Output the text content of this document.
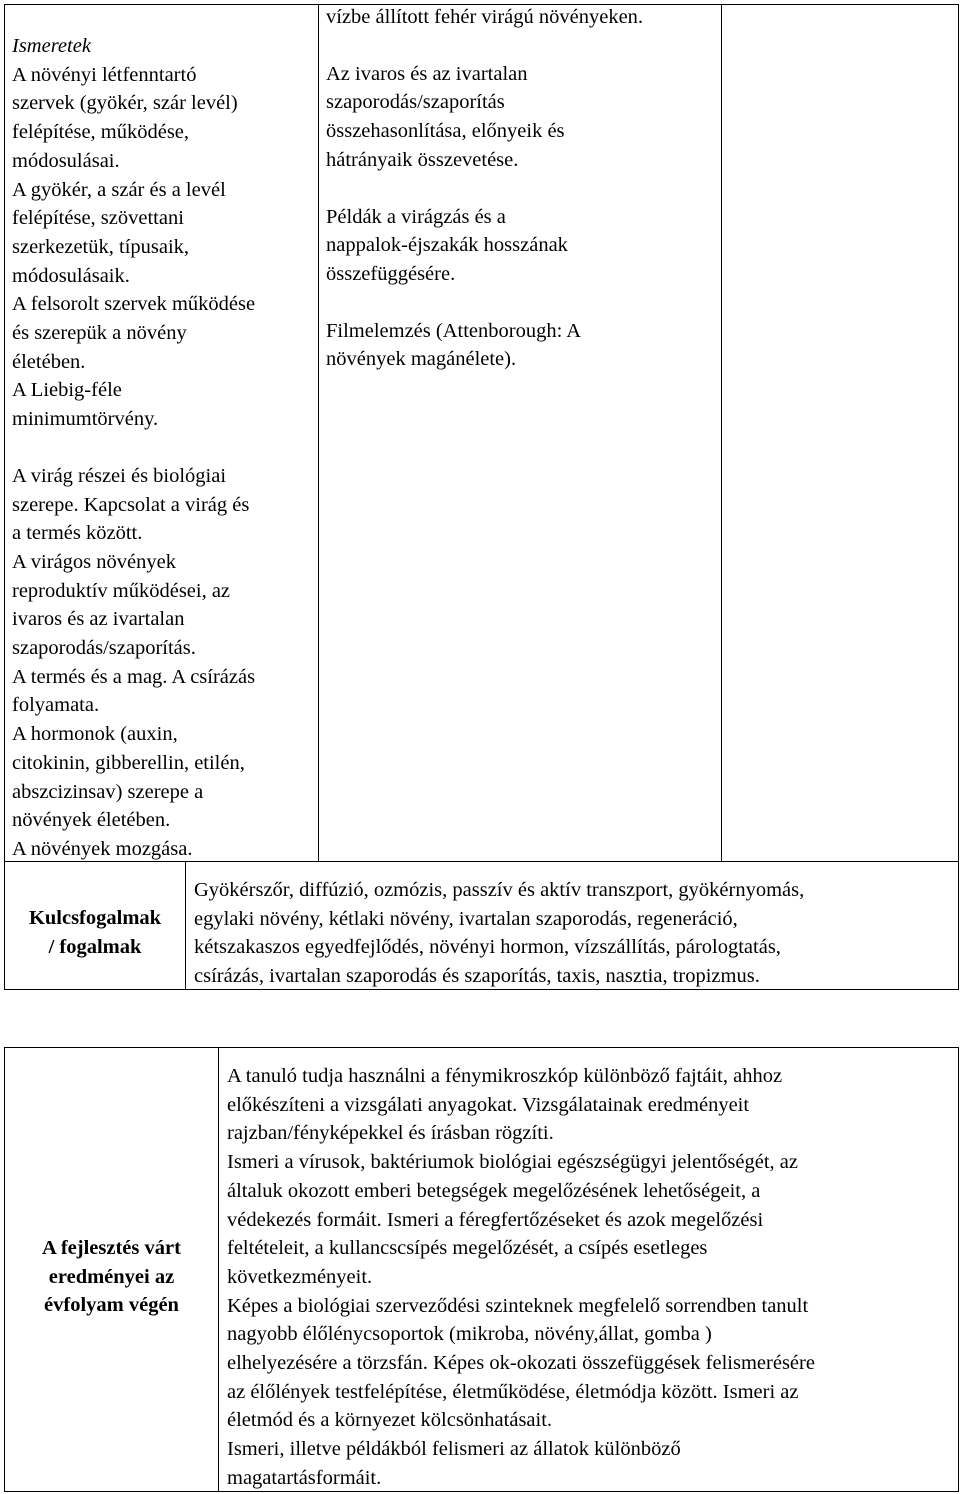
Ismeretek
A növényi létfenntartó
szervek (gyökér, szár levél)
felépítése, működése,
módosulásai.
A gyökér, a szár és a levél
felépítése, szövettani
szerkezetük, típusaik,
módosulásaik.
A felsorolt szervek működése
és szerepük a növény
életében.
A Liebig-féle
minimumtörvény.
A virág részei és biológiai
szerepe. Kapcsolat a virág és
a termés között.
A virágos növények
reproduktív működései, az
ivaros és az ivartalan
szaporodás/szaporítás.
A termés és a mag. A csírázás
folyamata.
A hormonok (auxin,
citokinin, gibberellin, etilén,
abszcizinsav) szerepe a
növények életében.
A növények mozgása.
vízbe állított fehér virágú növényeken.
Az ivaros és az ivartalan
szaporodás/szaporítás
összehasonlítása, előnyeik és
hátrányaik összevetése.
Példák a virágzás és a
nappalok-éjszakák hosszának
összefüggésére.
Filmelemzés (Attenborough: A
növények magánélete).
Kulcsfogalmak
/ fogalmak
Gyökérszőr, diffúzió, ozmózis, passzív és aktív transzport, gyökérnyomás,
egylaki növény, kétlaki növény, ivartalan szaporodás, regeneráció,
kétszakaszos egyedfejlődés, növényi hormon, vízszállítás, párologtatás,
csírázás, ivartalan szaporodás és szaporítás, taxis, nasztia, tropizmus.
A fejlesztés várt
eredményei az
évfolyam végén
A tanuló tudja használni a fénymikroszkóp különböző fajtáit, ahhoz
előkészíteni a vizsgálati anyagokat. Vizsgálatainak eredményeit
rajzban/fényképekkel és írásban rögzíti.
Ismeri a vírusok, baktériumok biológiai egészségügyi jelentőségét, az
általuk okozott emberi betegségek megelőzésének lehetőségeit, a
védekezés formáit. Ismeri a féregfertőzéseket és azok megelőzési
feltételeit, a kullancscsípés megelőzését, a csípés esetleges
következményeit.
Képes a biológiai szerveződési szinteknek megfelelő sorrendben tanult
nagyobb élőlénycsoportok (mikroba, növény,állat, gomba )
elhelyezésére a törzsfán. Képes ok-okozati összefüggések felismerésére
az élőlények testfelépítése, életműködése, életmódja között. Ismeri az
életmód és a környezet kölcsönhatásait.
Ismeri, illetve példákból felismeri az állatok különböző
magatartásformáit.
